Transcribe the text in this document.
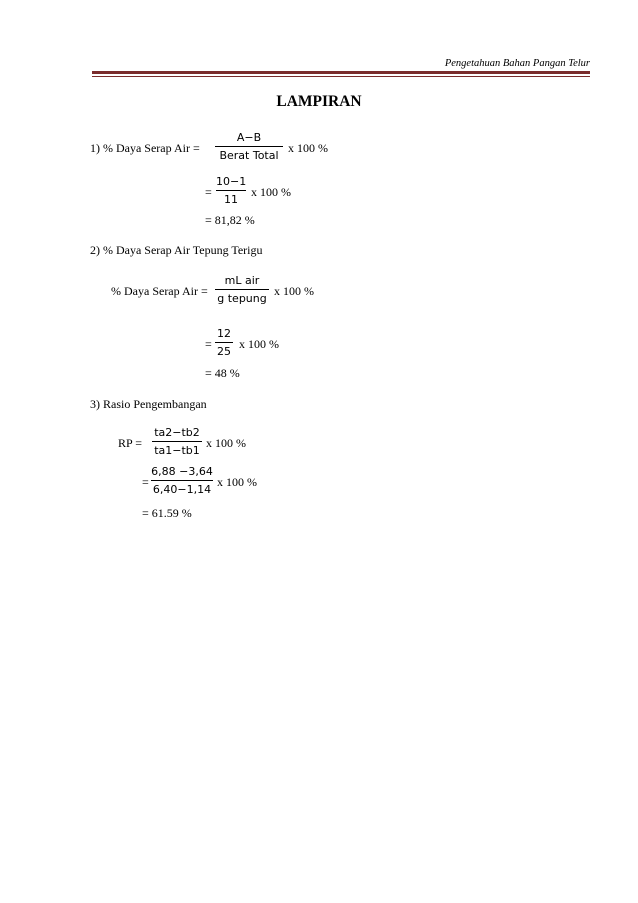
Pengetahuan Bahan Pangan Telur
LAMPIRAN
1) % Daya Serap Air =
A−B
Berat Total
x 100 %
= $\frac{10-1}{11}$ x 100 %
= 81,82 %
2) % Daya Serap Air Tepung Terigu
% Daya Serap Air =
mL air
g tepung
x 100 %
= $\frac{12}{25}$ x 100 %
= 48 %
3) Rasio Pengembangan
RP = $\frac{ta2-tb2}{ta1-tb1}$ x 100 %
= $\frac{6,88 -3,64}{6,40-1,14}$ x 100 %
= 61.59 %
